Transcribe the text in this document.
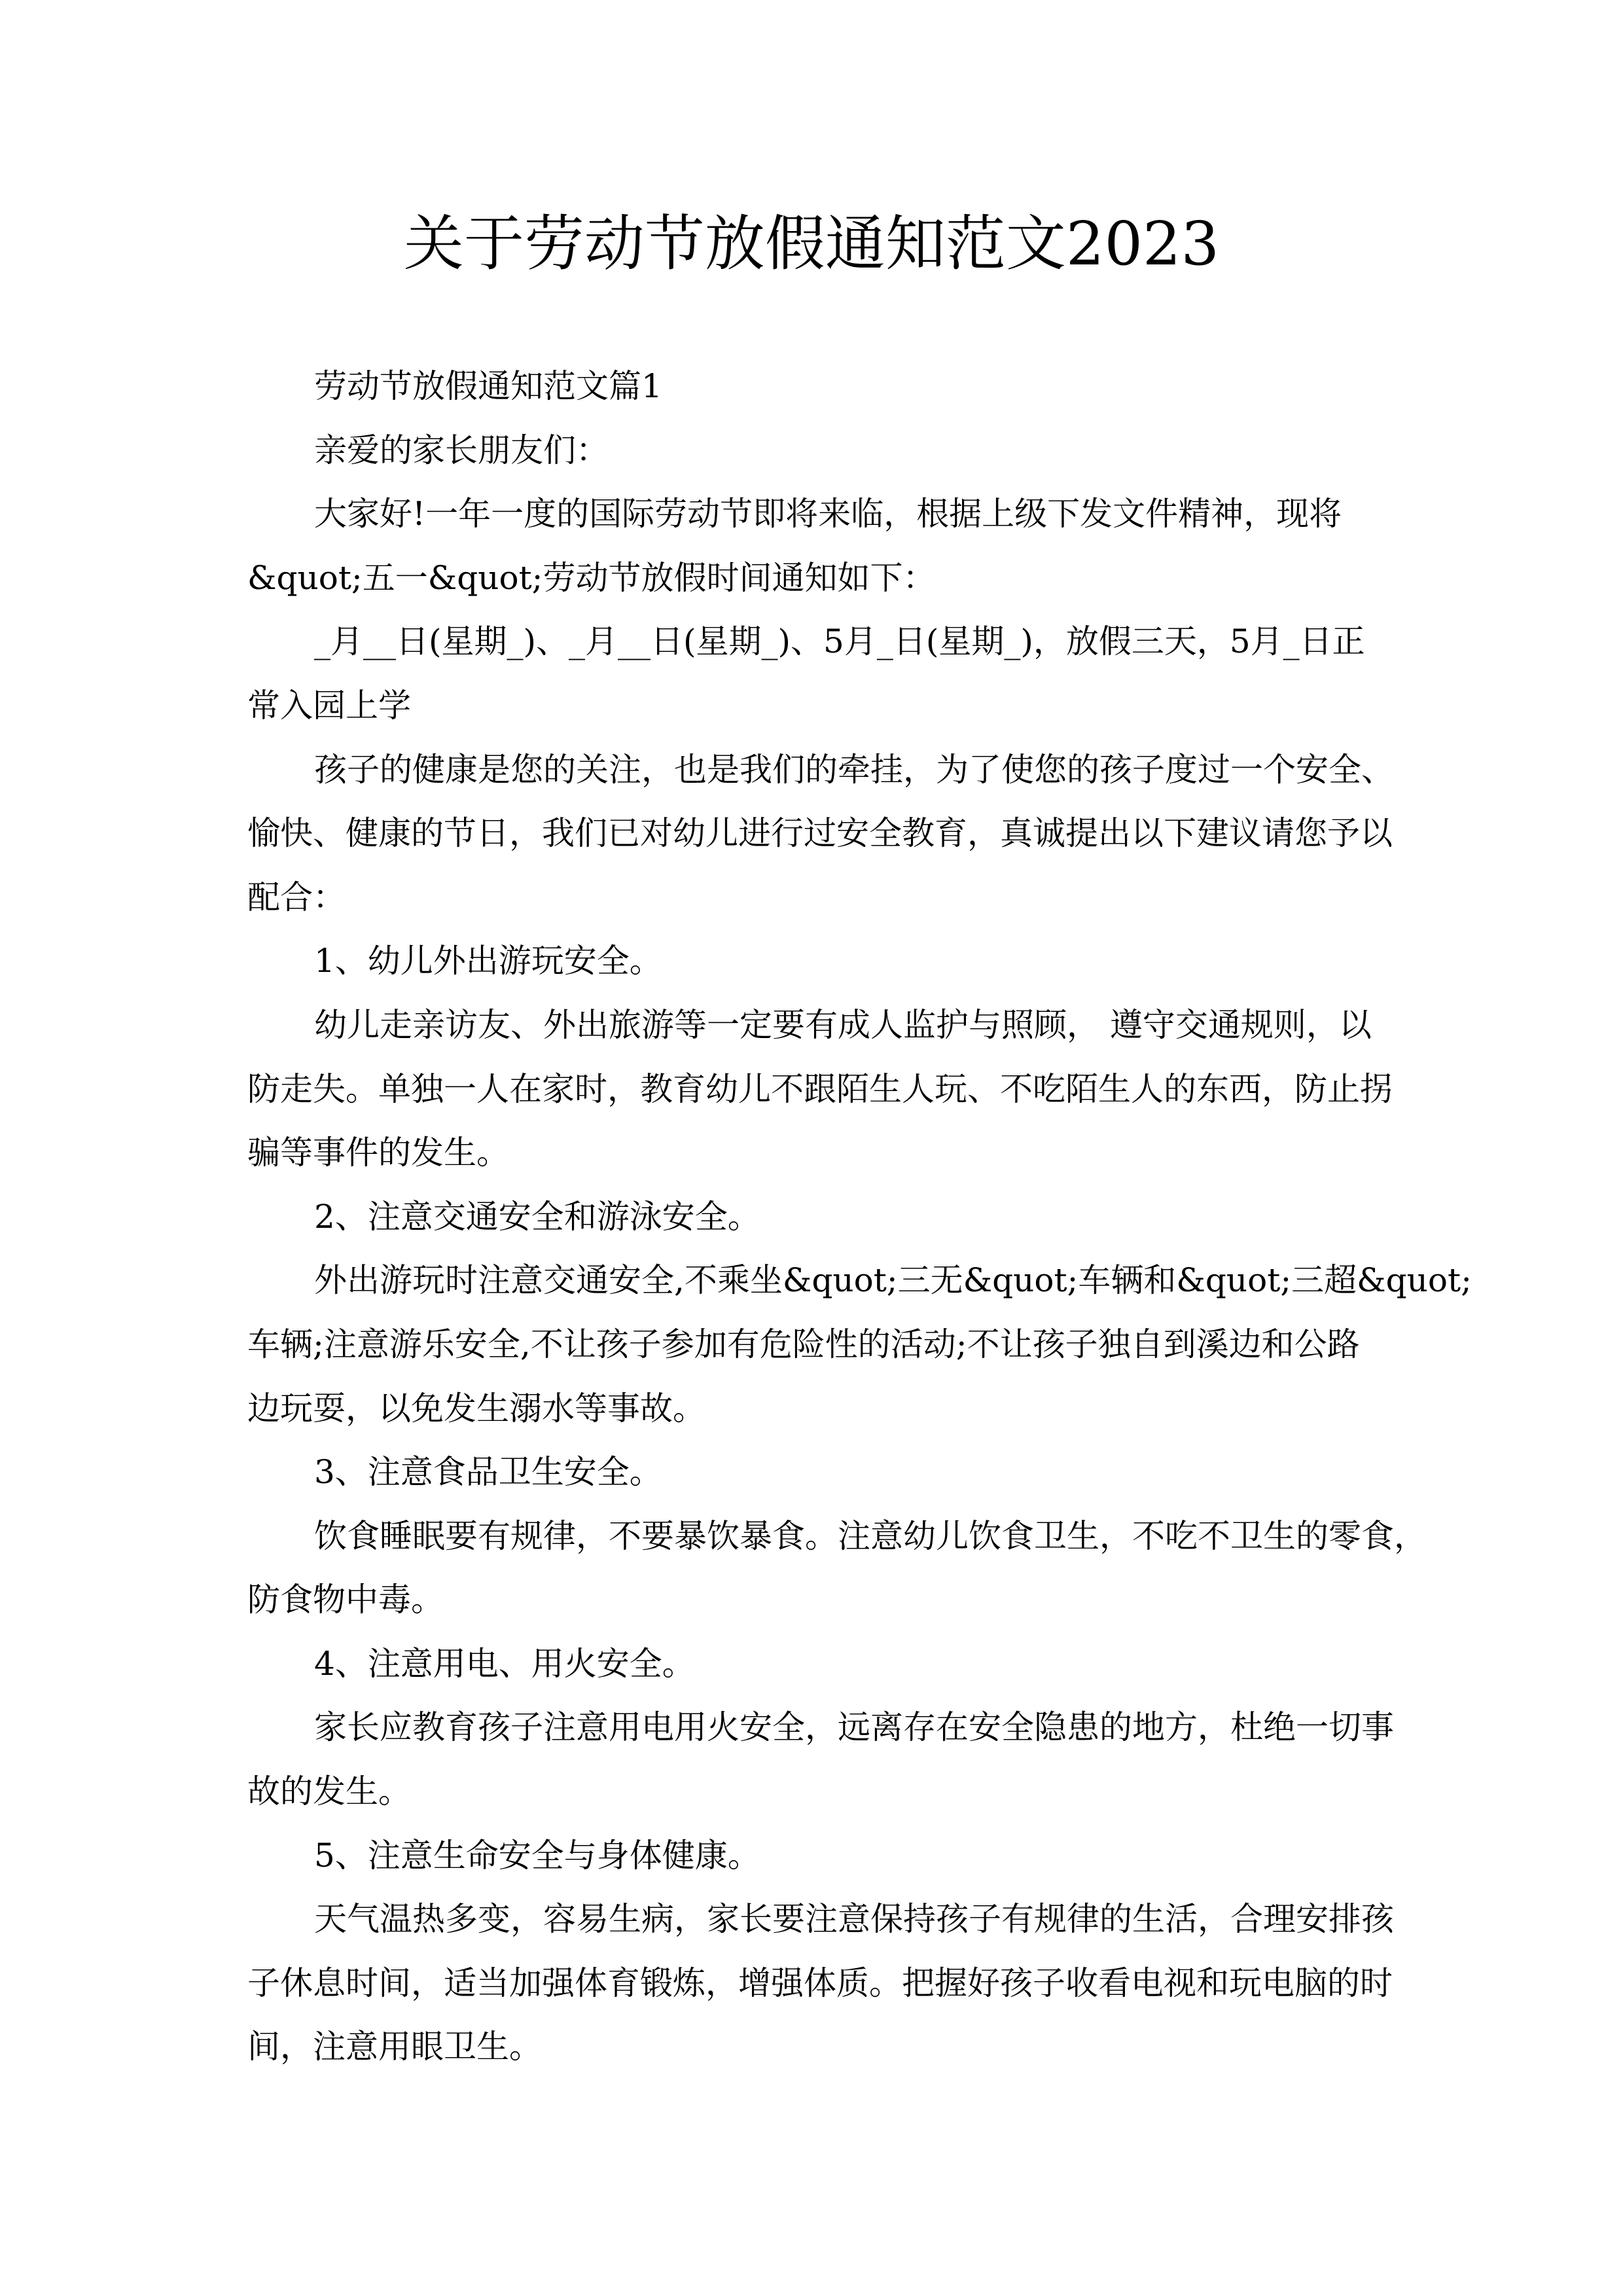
关于劳动节放假通知范文2023
劳动节放假通知范文篇1
亲爱的家长朋友们：
大家好!一年一度的国际劳动节即将来临，根据上级下发文件精神，现将
&quot;五一&quot;劳动节放假时间通知如下：
_月__日(星期_)、_月__日(星期_)、5月_日(星期_)，放假三天，5月_日正
常入园上学
孩子的健康是您的关注，也是我们的牵挂，为了使您的孩子度过一个安全、
愉快、健康的节日，我们已对幼儿进行过安全教育，真诚提出以下建议请您予以
配合：
1、幼儿外出游玩安全。
幼儿走亲访友、外出旅游等一定要有成人监护与照顾， 遵守交通规则，以
防走失。单独一人在家时，教育幼儿不跟陌生人玩、不吃陌生人的东西，防止拐
骗等事件的发生。
2、注意交通安全和游泳安全。
外出游玩时注意交通安全,不乘坐&quot;三无&quot;车辆和&quot;三超&quot;
车辆;注意游乐安全,不让孩子参加有危险性的活动;不让孩子独自到溪边和公路
边玩耍，以免发生溺水等事故。
3、注意食品卫生安全。
饮食睡眠要有规律，不要暴饮暴食。注意幼儿饮食卫生，不吃不卫生的零食，
防食物中毒。
4、注意用电、用火安全。
家长应教育孩子注意用电用火安全，远离存在安全隐患的地方，杜绝一切事
故的发生。
5、注意生命安全与身体健康。
天气温热多变，容易生病，家长要注意保持孩子有规律的生活，合理安排孩
子休息时间，适当加强体育锻炼，增强体质。把握好孩子收看电视和玩电脑的时
间，注意用眼卫生。
